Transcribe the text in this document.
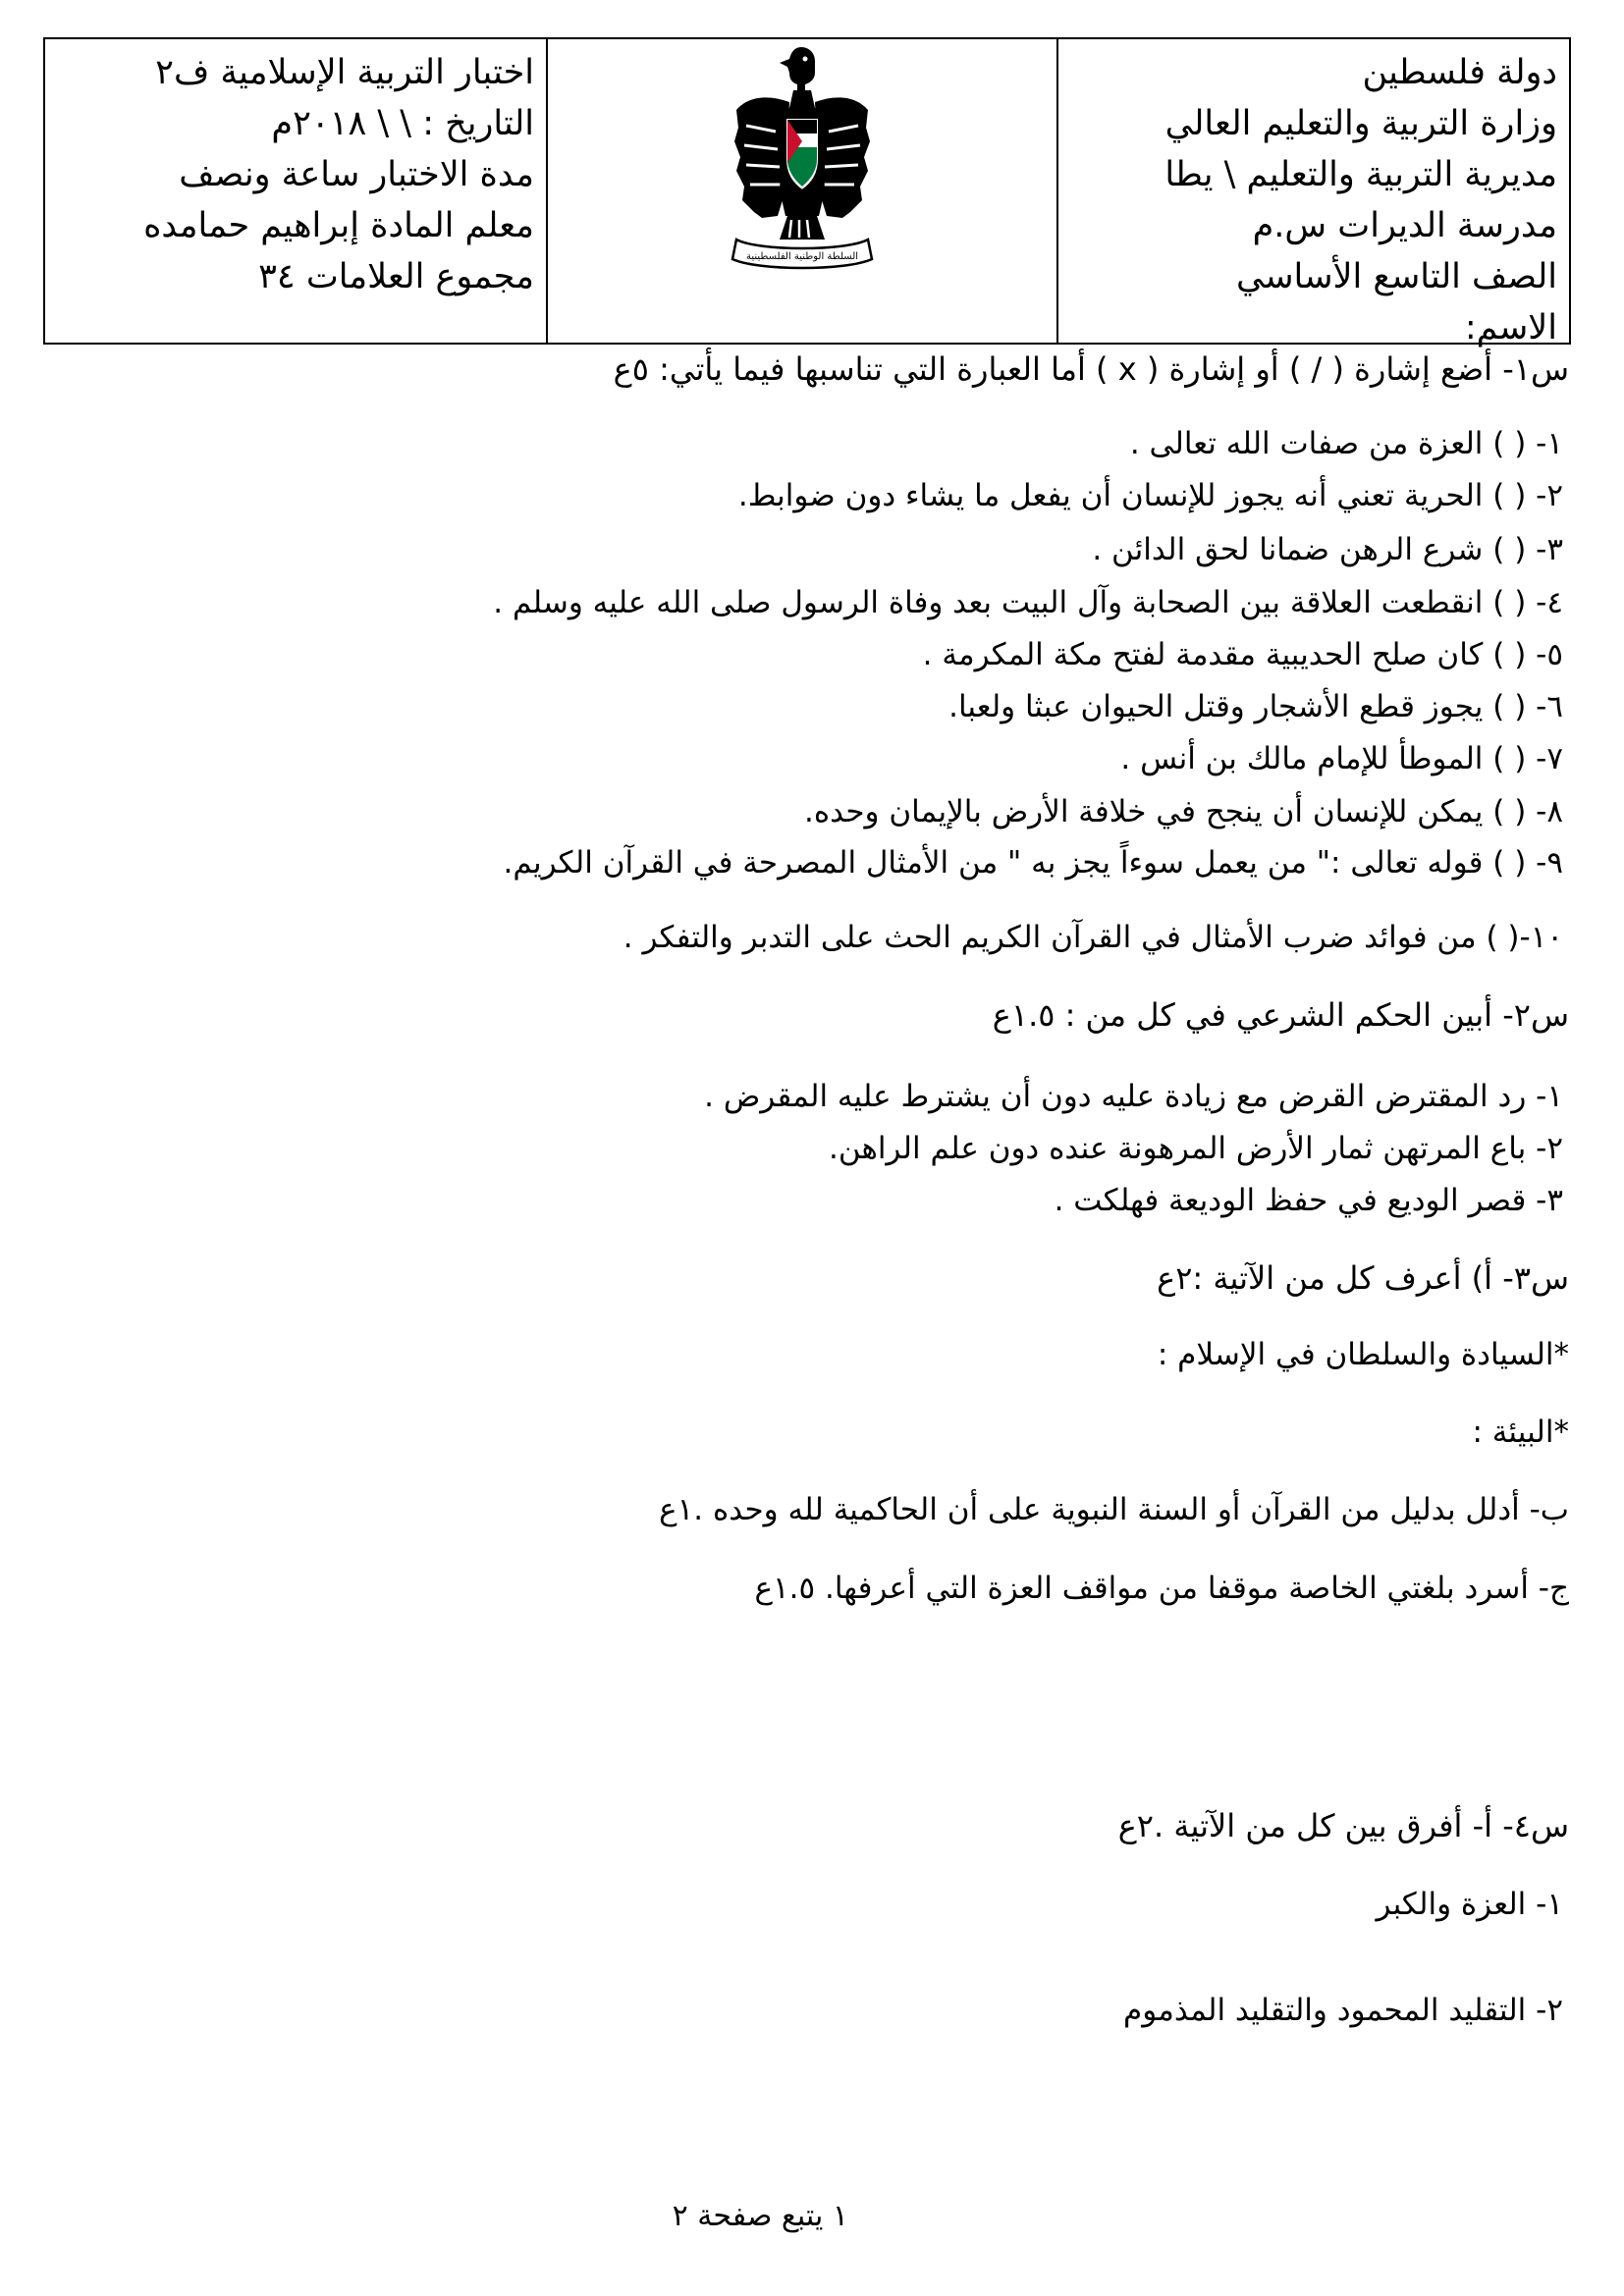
دولة فلسطين
وزارة التربية والتعليم العالي
مديرية التربية والتعليم \ يطا
مدرسة الديرات س.م
الصف التاسع الأساسي
الاسم:
السلطة الوطنية الفلسطينية
اختبار التربية الإسلامية ف٢
التاريخ : \ \ ٢٠١٨م
مدة الاختبار ساعة ونصف
معلم المادة إبراهيم حمامده
مجموع العلامات ٣٤
س١- أضع إشارة ( / ) أو إشارة ( x ) أما العبارة التي تناسبها فيما يأتي: ٥ع
١- ( ) العزة من صفات الله تعالى .
٢- ( ) الحرية تعني أنه يجوز للإنسان أن يفعل ما يشاء دون ضوابط.
٣- ( ) شرع الرهن ضمانا لحق الدائن .
٤- ( ) انقطعت العلاقة بين الصحابة وآل البيت بعد وفاة الرسول صلى الله عليه وسلم .
٥- ( ) كان صلح الحديبية مقدمة لفتح مكة المكرمة .
٦- ( ) يجوز قطع الأشجار وقتل الحيوان عبثا ولعبا.
٧- ( ) الموطأ للإمام مالك بن أنس .
٨- ( ) يمكن للإنسان أن ينجح في خلافة الأرض بالإيمان وحده.
٩- ( ) قوله تعالى :" من يعمل سوءاً يجز به " من الأمثال المصرحة في القرآن الكريم.
١٠-( ) من فوائد ضرب الأمثال في القرآن الكريم الحث على التدبر والتفكر .
س٢- أبين الحكم الشرعي في كل من : ١.٥ع
١- رد المقترض القرض مع زيادة عليه دون أن يشترط عليه المقرض .
٢- باع المرتهن ثمار الأرض المرهونة عنده دون علم الراهن.
٣- قصر الوديع في حفظ الوديعة فهلكت .
س٣- أ) أعرف كل من الآتية :٢ع
*السيادة والسلطان في الإسلام :
*البيئة :
ب- أدلل بدليل من القرآن أو السنة النبوية على أن الحاكمية لله وحده .١ع
ج- أسرد بلغتي الخاصة موقفا من مواقف العزة التي أعرفها. ١.٥ع
س٤- أ- أفرق بين كل من الآتية .٢ع
١- العزة والكبر
٢- التقليد المحمود والتقليد المذموم
١ يتبع صفحة ٢
